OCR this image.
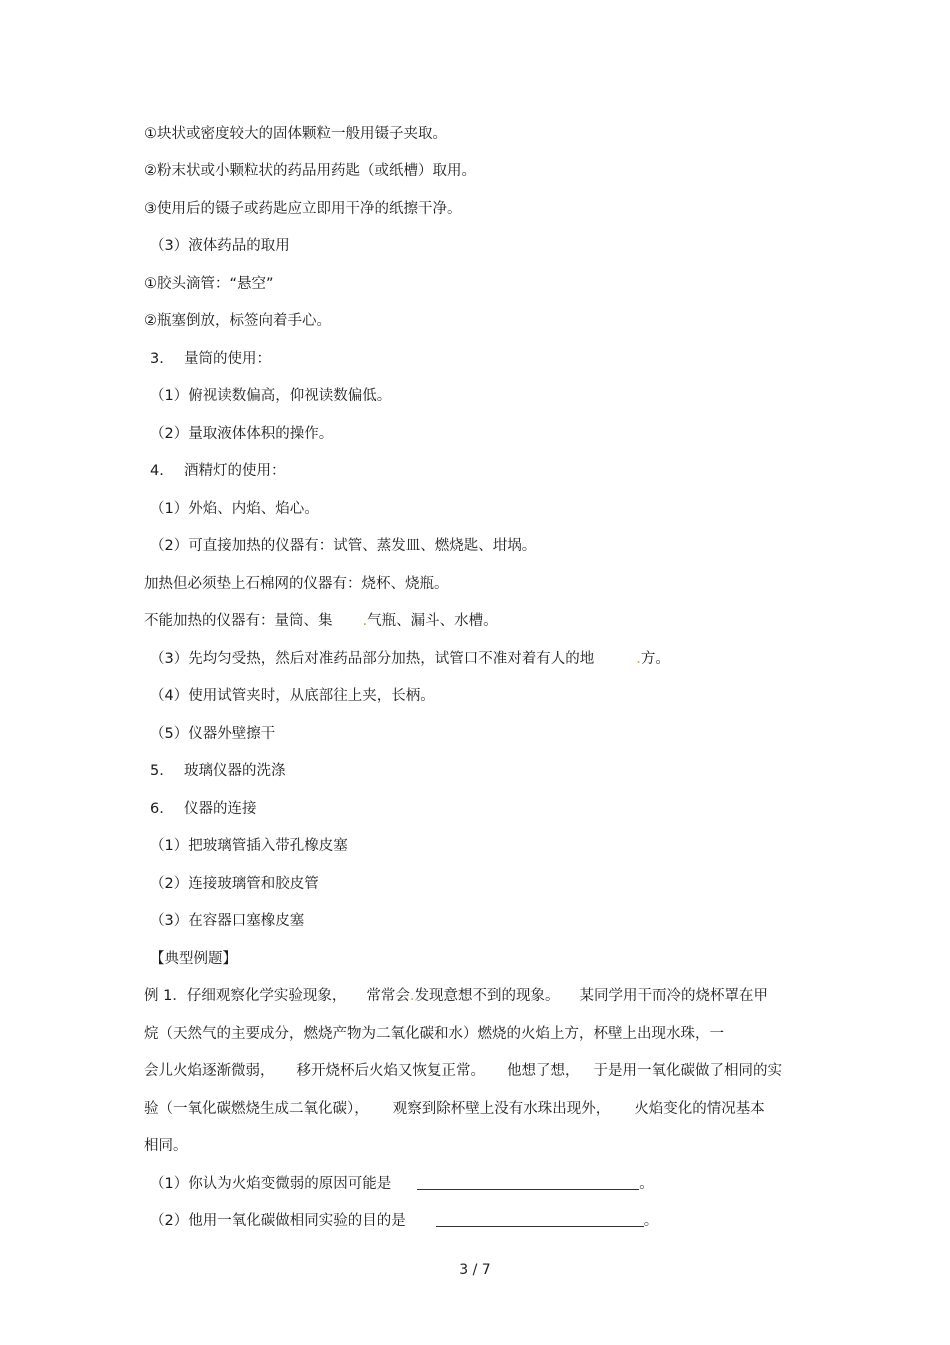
①块状或密度较大的固体颗粒一般用镊子夹取。
②粉末状或小颗粒状的药品用药匙（或纸槽）取用。
③使用后的镊子或药匙应立即用干净的纸擦干净。
（3）液体药品的取用
①胶头滴管：“悬空”
②瓶塞倒放，标签向着手心。
3. 量筒的使用：
（1）俯视读数偏高，仰视读数偏低。
（2）量取液体体积的操作。
4. 酒精灯的使用：
（1）外焰、内焰、焰心。
（2）可直接加热的仪器有：试管、蒸发皿、燃烧匙、坩埚。
加热但必须垫上石棉网的仪器有：烧杯、烧瓶。
不能加热的仪器有：量筒、集 .气瓶、漏斗、水槽。
（3）先均匀受热，然后对准药品部分加热，试管口不准对着有人的地	.方。
（4）使用试管夹时，从底部往上夹，长柄。
（5）仪器外壁擦干
5. 玻璃仪器的洗涤
6. 仪器的连接
（1）把玻璃管插入带孔橡皮塞
（2）连接玻璃管和胶皮管
（3）在容器口塞橡皮塞
【典型例题】
例 1．仔细观察化学实验现象， 常常会.发现意想不到的现象。 某同学用干而冷的烧杯罩在甲
烷（天然气的主要成分，燃烧产物为二氧化碳和水）燃烧的火焰上方，杯壁上出现水珠，一
会儿火焰逐渐微弱， 移开烧杯后火焰又恢复正常。 他想了想， 于是用一氧化碳做了相同的实
验（一氧化碳燃烧生成二氧化碳）， 观察到除杯壁上没有水珠出现外， 火焰变化的情况基本
相同。
（1）你认为火焰变微弱的原因可能是	。
（2）他用一氧化碳做相同实验的目的是	。
3 / 7
